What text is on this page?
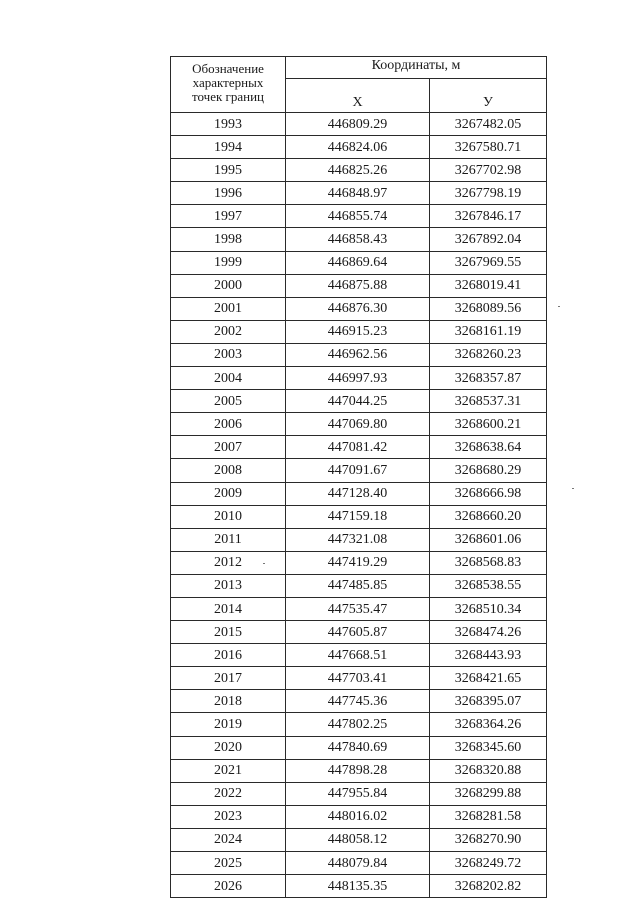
Обозначение
характерных
точек границ	Координаты, м	
	X	У
1993	446809.29	3267482.05
1994	446824.06	3267580.71
1995	446825.26	3267702.98
1996	446848.97	3267798.19
1997	446855.74	3267846.17
1998	446858.43	3267892.04
1999	446869.64	3267969.55
2000	446875.88	3268019.41
2001	446876.30	3268089.56
2002	446915.23	3268161.19
2003	446962.56	3268260.23
2004	446997.93	3268357.87
2005	447044.25	3268537.31
2006	447069.80	3268600.21
2007	447081.42	3268638.64
2008	447091.67	3268680.29
2009	447128.40	3268666.98
2010	447159.18	3268660.20
2011	447321.08	3268601.06
2012	447419.29	3268568.83
2013	447485.85	3268538.55
2014	447535.47	3268510.34
2015	447605.87	3268474.26
2016	447668.51	3268443.93
2017	447703.41	3268421.65
2018	447745.36	3268395.07
2019	447802.25	3268364.26
2020	447840.69	3268345.60
2021	447898.28	3268320.88
2022	447955.84	3268299.88
2023	448016.02	3268281.58
2024	448058.12	3268270.90
2025	448079.84	3268249.72
2026	448135.35	3268202.82
